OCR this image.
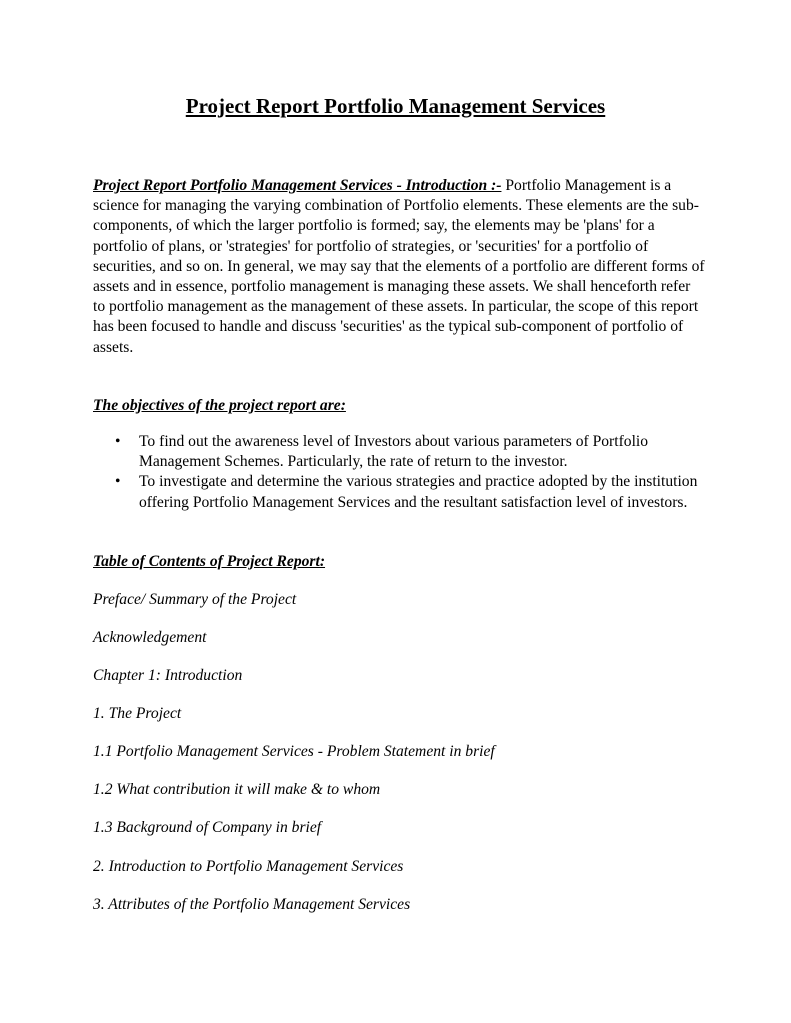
Project Report Portfolio Management Services

Project Report Portfolio Management Services - Introduction :- Portfolio Management is a science for managing the varying combination of Portfolio elements. These elements are the sub-components, of which the larger portfolio is formed; say, the elements may be 'plans' for a portfolio of plans, or 'strategies' for portfolio of strategies, or 'securities' for a portfolio of securities, and so on. In general, we may say that the elements of a portfolio are different forms of assets and in essence, portfolio management is managing these assets. We shall henceforth refer to portfolio management as the management of these assets. In particular, the scope of this report has been focused to handle and discuss 'securities' as the typical sub-component of portfolio of assets.

The objectives of the project report are:

• To find out the awareness level of Investors about various parameters of Portfolio Management Schemes. Particularly, the rate of return to the investor.
• To investigate and determine the various strategies and practice adopted by the institution offering Portfolio Management Services and the resultant satisfaction level of investors.

Table of Contents of Project Report:

Preface/ Summary of the Project

Acknowledgement

Chapter 1: Introduction

1. The Project

1.1 Portfolio Management Services - Problem Statement in brief

1.2 What contribution it will make & to whom

1.3 Background of Company in brief

2. Introduction to Portfolio Management Services

3. Attributes of the Portfolio Management Services
